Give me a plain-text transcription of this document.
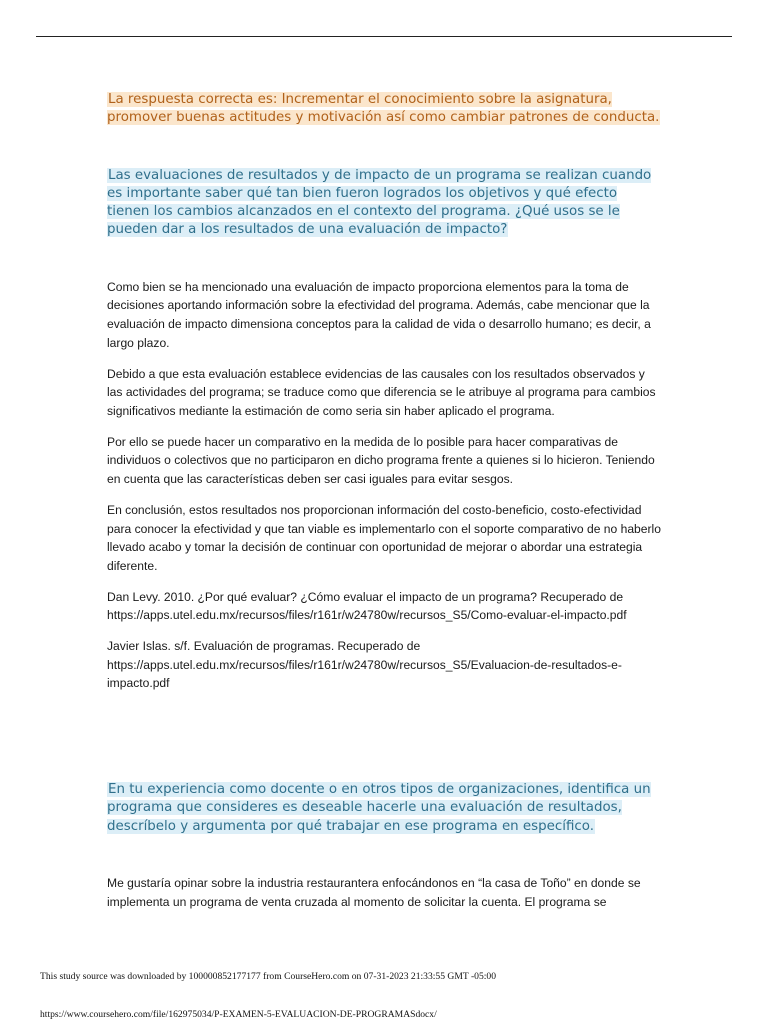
La respuesta correcta es: Incrementar el conocimiento sobre la asignatura, promover buenas actitudes y motivación así como cambiar patrones de conducta.

Las evaluaciones de resultados y de impacto de un programa se realizan cuando es importante saber qué tan bien fueron logrados los objetivos y qué efecto tienen los cambios alcanzados en el contexto del programa. ¿Qué usos se le pueden dar a los resultados de una evaluación de impacto?

Como bien se ha mencionado una evaluación de impacto proporciona elementos para la toma de decisiones aportando información sobre la efectividad del programa. Además, cabe mencionar que la evaluación de impacto dimensiona conceptos para la calidad de vida o desarrollo humano; es decir, a largo plazo.

Debido a que esta evaluación establece evidencias de las causales con los resultados observados y las actividades del programa; se traduce como que diferencia se le atribuye al programa para cambios significativos mediante la estimación de como seria sin haber aplicado el programa.

Por ello se puede hacer un comparativo en la medida de lo posible para hacer comparativas de individuos o colectivos que no participaron en dicho programa frente a quienes si lo hicieron. Teniendo en cuenta que las características deben ser casi iguales para evitar sesgos.

En conclusión, estos resultados nos proporcionan información del costo-beneficio, costo-efectividad para conocer la efectividad y que tan viable es implementarlo con el soporte comparativo de no haberlo llevado acabo y tomar la decisión de continuar con oportunidad de mejorar o abordar una estrategia diferente.

Dan Levy. 2010. ¿Por qué evaluar? ¿Cómo evaluar el impacto de un programa? Recuperado de https://apps.utel.edu.mx/recursos/files/r161r/w24780w/recursos_S5/Como-evaluar-el-impacto.pdf

Javier Islas. s/f. Evaluación de programas. Recuperado de https://apps.utel.edu.mx/recursos/files/r161r/w24780w/recursos_S5/Evaluacion-de-resultados-e-impacto.pdf

En tu experiencia como docente o en otros tipos de organizaciones, identifica un programa que consideres es deseable hacerle una evaluación de resultados, descríbelo y argumenta por qué trabajar en ese programa en específico.

Me gustaría opinar sobre la industria restaurantera enfocándonos en “la casa de Toño” en donde se implementa un programa de venta cruzada al momento de solicitar la cuenta. El programa se

This study source was downloaded by 100000852177177 from CourseHero.com on 07-31-2023 21:33:55 GMT -05:00
https://www.coursehero.com/file/162975034/P-EXAMEN-5-EVALUACION-DE-PROGRAMASdocx/
